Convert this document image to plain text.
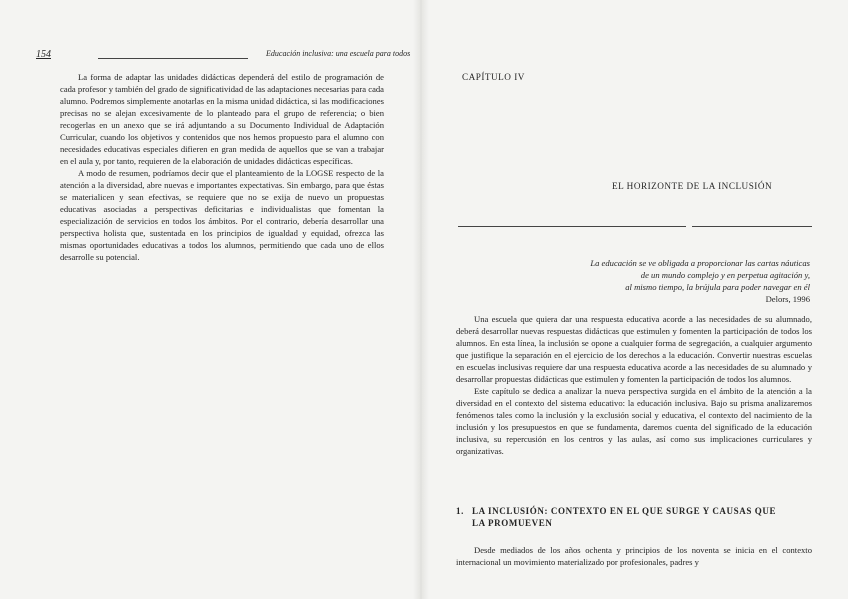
154	Educación inclusiva: una escuela para todos

La forma de adaptar las unidades didácticas dependerá del estilo de programación de cada profesor y también del grado de significatividad de las adaptaciones necesarias para cada alumno. Podremos simplemente anotarlas en la misma unidad didáctica, si las modificaciones precisas no se alejan excesivamente de lo planteado para el grupo de referencia; o bien recogerlas en un anexo que se irá adjuntando a su Documento Individual de Adaptación Curricular, cuando los objetivos y contenidos que nos hemos propuesto para el alumno con necesidades educativas especiales difieren en gran medida de aquellos que se van a trabajar en el aula y, por tanto, requieren de la elaboración de unidades didácticas específicas.

A modo de resumen, podríamos decir que el planteamiento de la LOGSE respecto de la atención a la diversidad, abre nuevas e importantes expectativas. Sin embargo, para que éstas se materialicen y sean efectivas, se requiere que no se exija de nuevo un propuestas educativas asociadas a perspectivas deficitarias e individualistas que fomentan la especialización de servicios en todos los ámbitos. Por el contrario, debería desarrollar una perspectiva holista que, sustentada en los principios de igualdad y equidad, ofrezca las mismas oportunidades educativas a todos los alumnos, permitiendo que cada uno de ellos desarrolle su potencial.

CAPÍTULO IV
EL HORIZONTE DE LA INCLUSIÓN
La educación se ve obligada a proporcionar las cartas náuticas
de un mundo complejo y en perpetua agitación y,
al mismo tiempo, la brújula para poder navegar en él
Delors, 1996

Una escuela que quiera dar una respuesta educativa acorde a las necesidades de su alumnado, deberá desarrollar nuevas respuestas didácticas que estimulen y fomenten la participación de todos los alumnos. En esta línea, la inclusión se opone a cualquier forma de segregación, a cualquier argumento que justifique la separación en el ejercicio de los derechos a la educación. Convertir nuestras escuelas en escuelas inclusivas requiere dar una respuesta educativa acorde a las necesidades de su alumnado y desarrollar propuestas didácticas que estimulen y fomenten la participación de todos los alumnos.

Este capítulo se dedica a analizar la nueva perspectiva surgida en el ámbito de la atención a la diversidad en el contexto del sistema educativo: la educación inclusiva. Bajo su prisma analizaremos fenómenos tales como la inclusión y la exclusión social y educativa, el contexto del nacimiento de la inclusión y los presupuestos en que se fundamenta, daremos cuenta del significado de la educación inclusiva, su repercusión en los centros y las aulas, así como sus implicaciones curriculares y organizativas.

1. LA INCLUSIÓN: CONTEXTO EN EL QUE SURGE Y CAUSAS QUE
LA PROMUEVEN

Desde mediados de los años ochenta y principios de los noventa se inicia en el contexto internacional un movimiento materializado por profesionales, padres y
